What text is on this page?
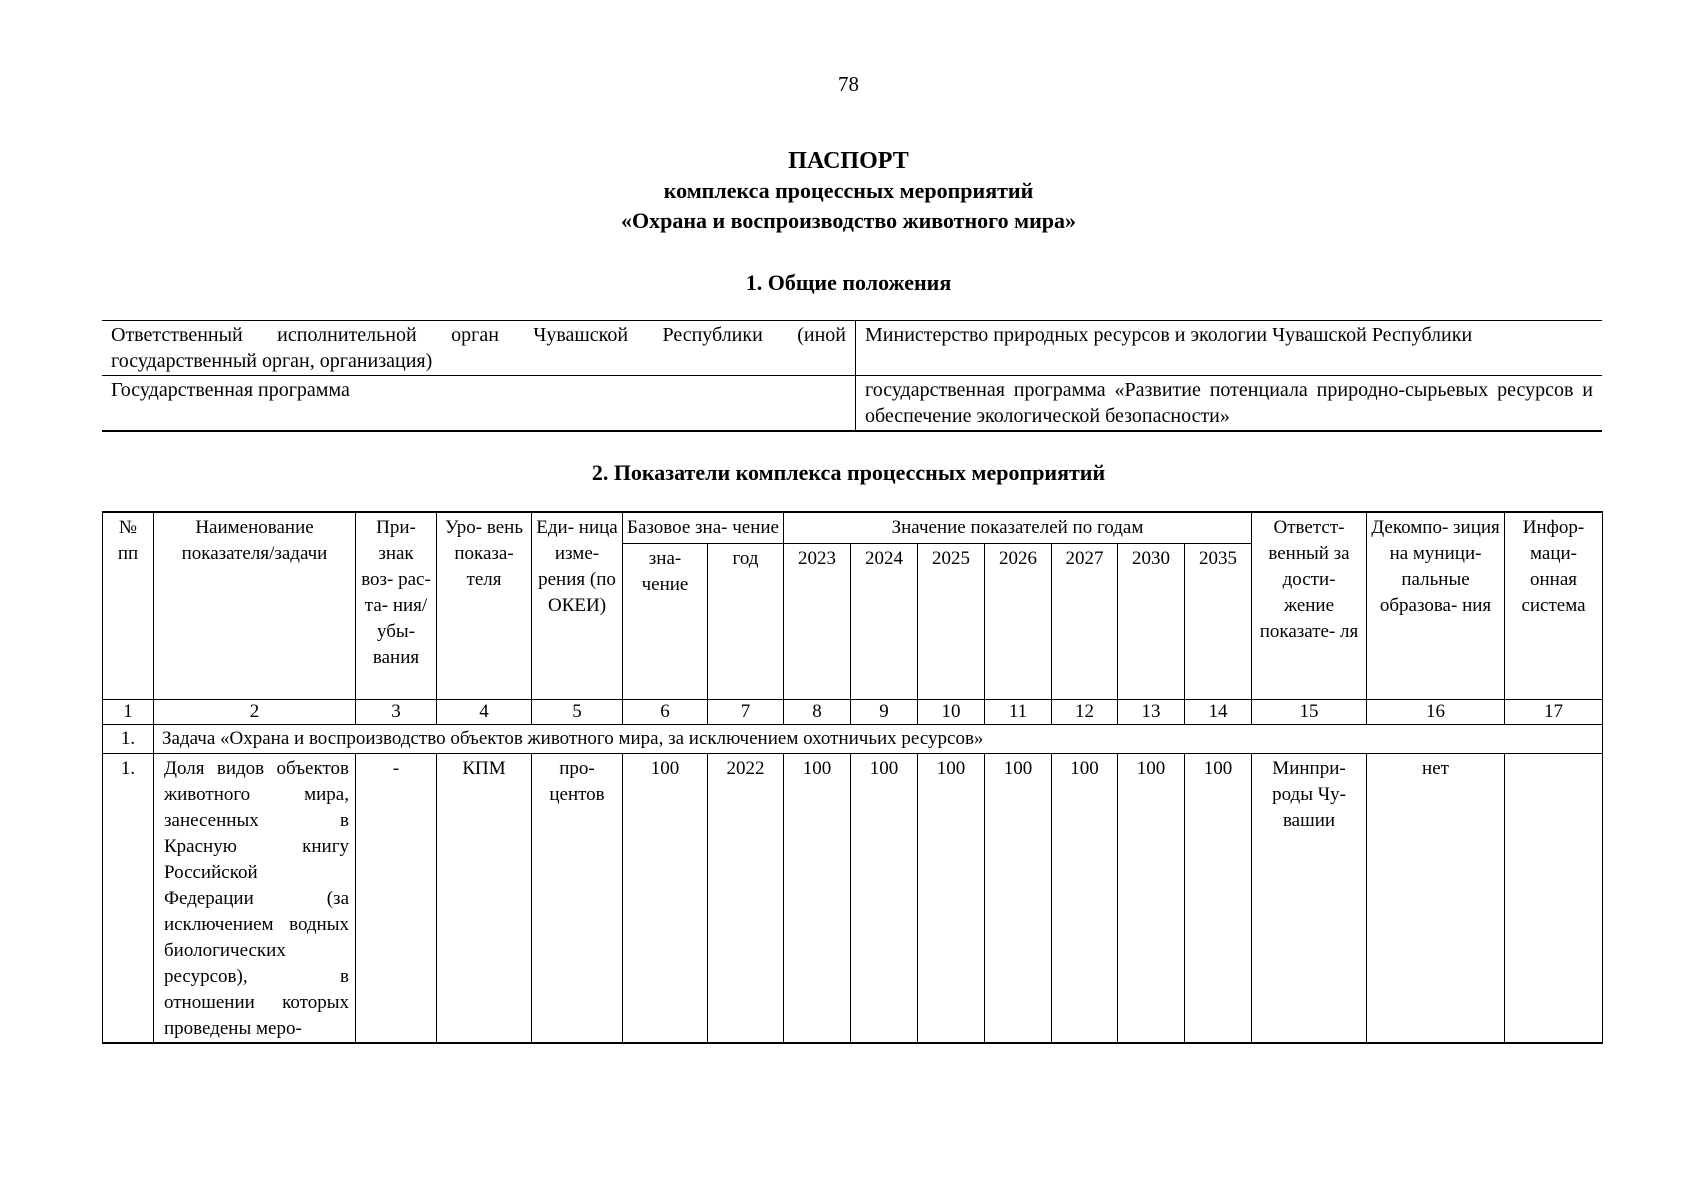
78
ПАСПОРТ
комплекса процессных мероприятий
«Охрана и воспроизводство животного мира»
1. Общие положения
Ответственный исполнительной орган Чувашской Республики (иной государственный орган, организация)	Министерство природных ресурсов и экологии Чувашской Республики
Государственная программа	государственная программа «Развитие потенциала природно-сырьевых ресурсов и обеспечение экологической безопасности»
2. Показатели комплекса процессных мероприятий
№ пп	Наименование показателя/задачи	При- знак воз- рас- та- ния/ убы- вания	Уро- вень показа- теля	Еди- ница изме- рения (по ОКЕИ)	Базовое зна- чение		Значение показателей по годам							Ответст- венный за дости- жение показате- ля	Декомпо- зиция на муници- пальные образова- ния	Инфор- маци- онная система
					зна- чение	год	2023	2024	2025	2026	2027	2030	2035			
1	2	3	4	5	6	7	8	9	10	11	12	13	14	15	16	17
1.	Задача «Охрана и воспроизводство объектов животного мира, за исключением охотничьих ресурсов»															
1.	Доля видов объектов животного мира, занесенных в Красную книгу Российской Федерации (за исключением водных биологических ресурсов), в отношении которых проведены меро-	-	КПМ	про- центов	100	2022	100	100	100	100	100	100	100	Минпри- роды Чу- вашии	нет	
